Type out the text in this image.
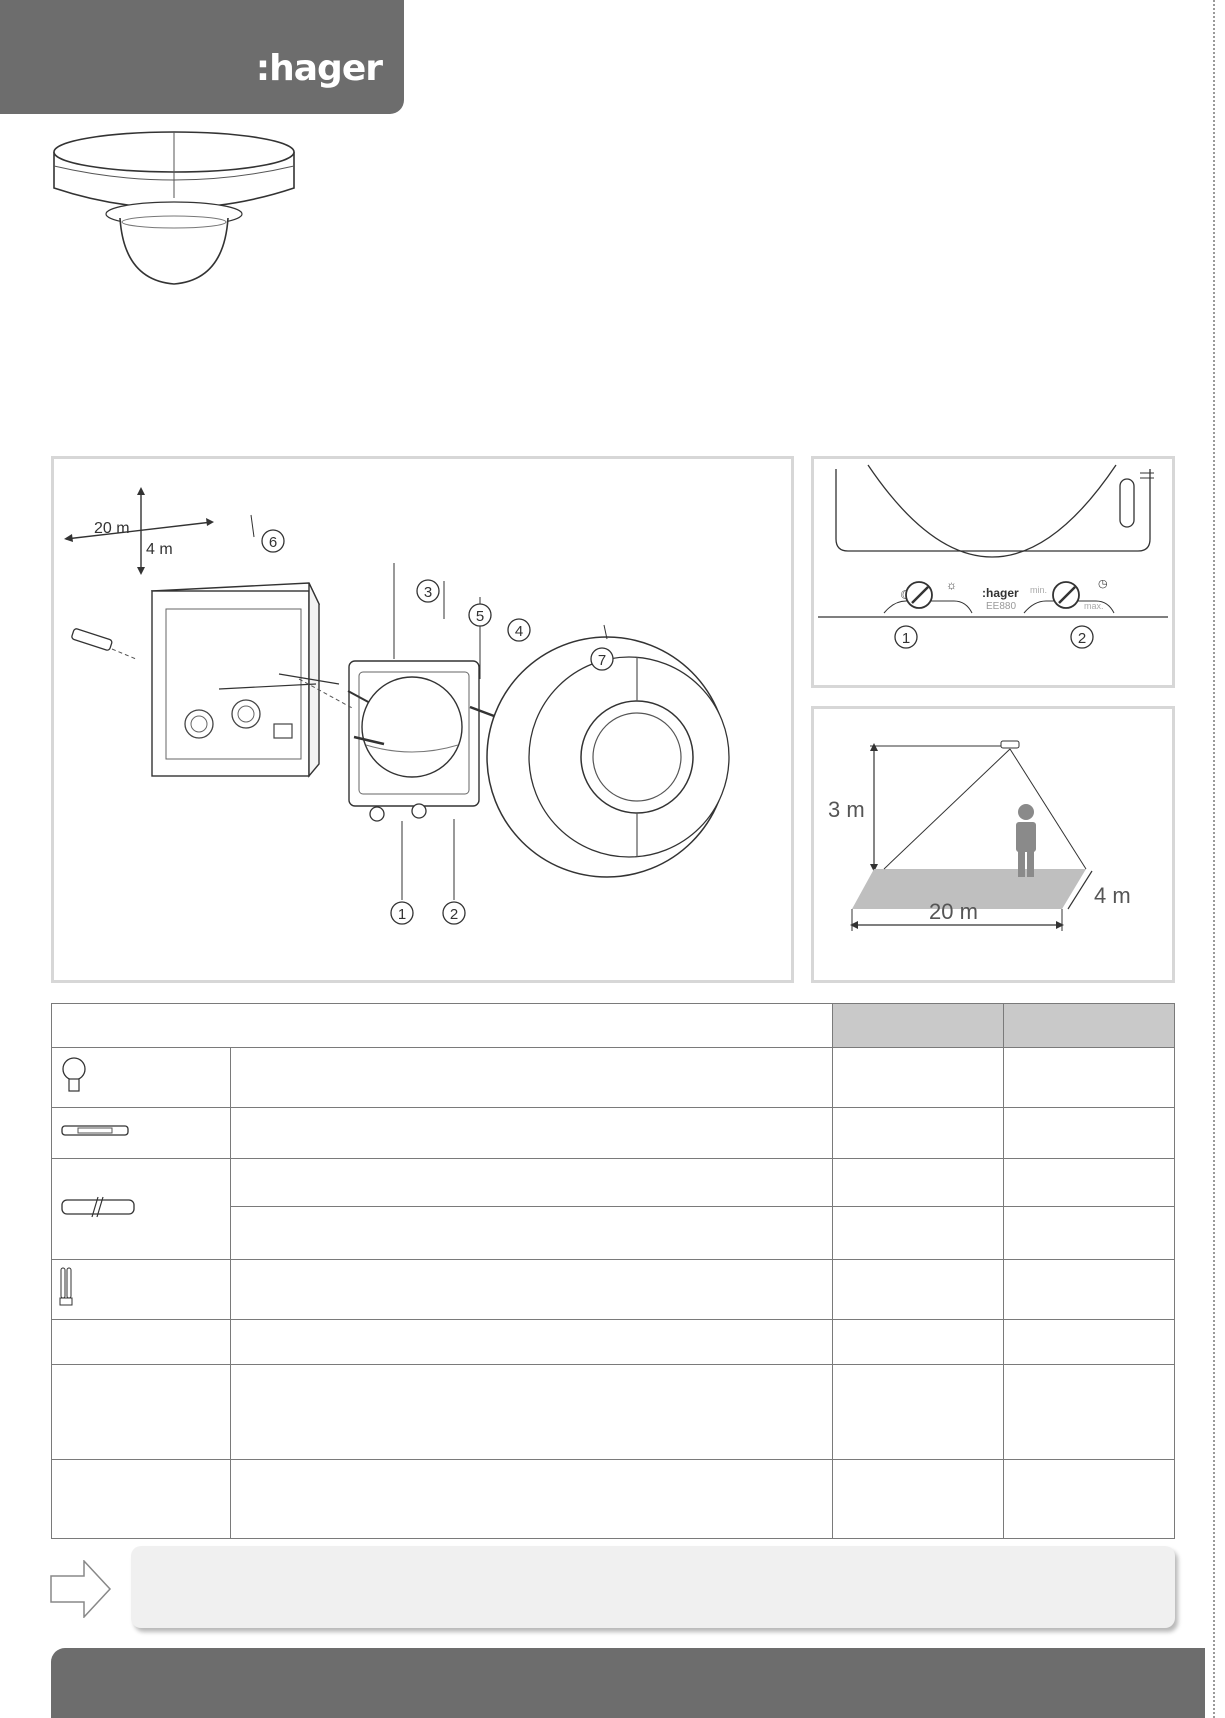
:hager
20 m
4 m
1	2
3
4
5
6
7
☾
☼	◷
:hager
EE880
min.
max.
1	2
3 m
20 m
4 m
